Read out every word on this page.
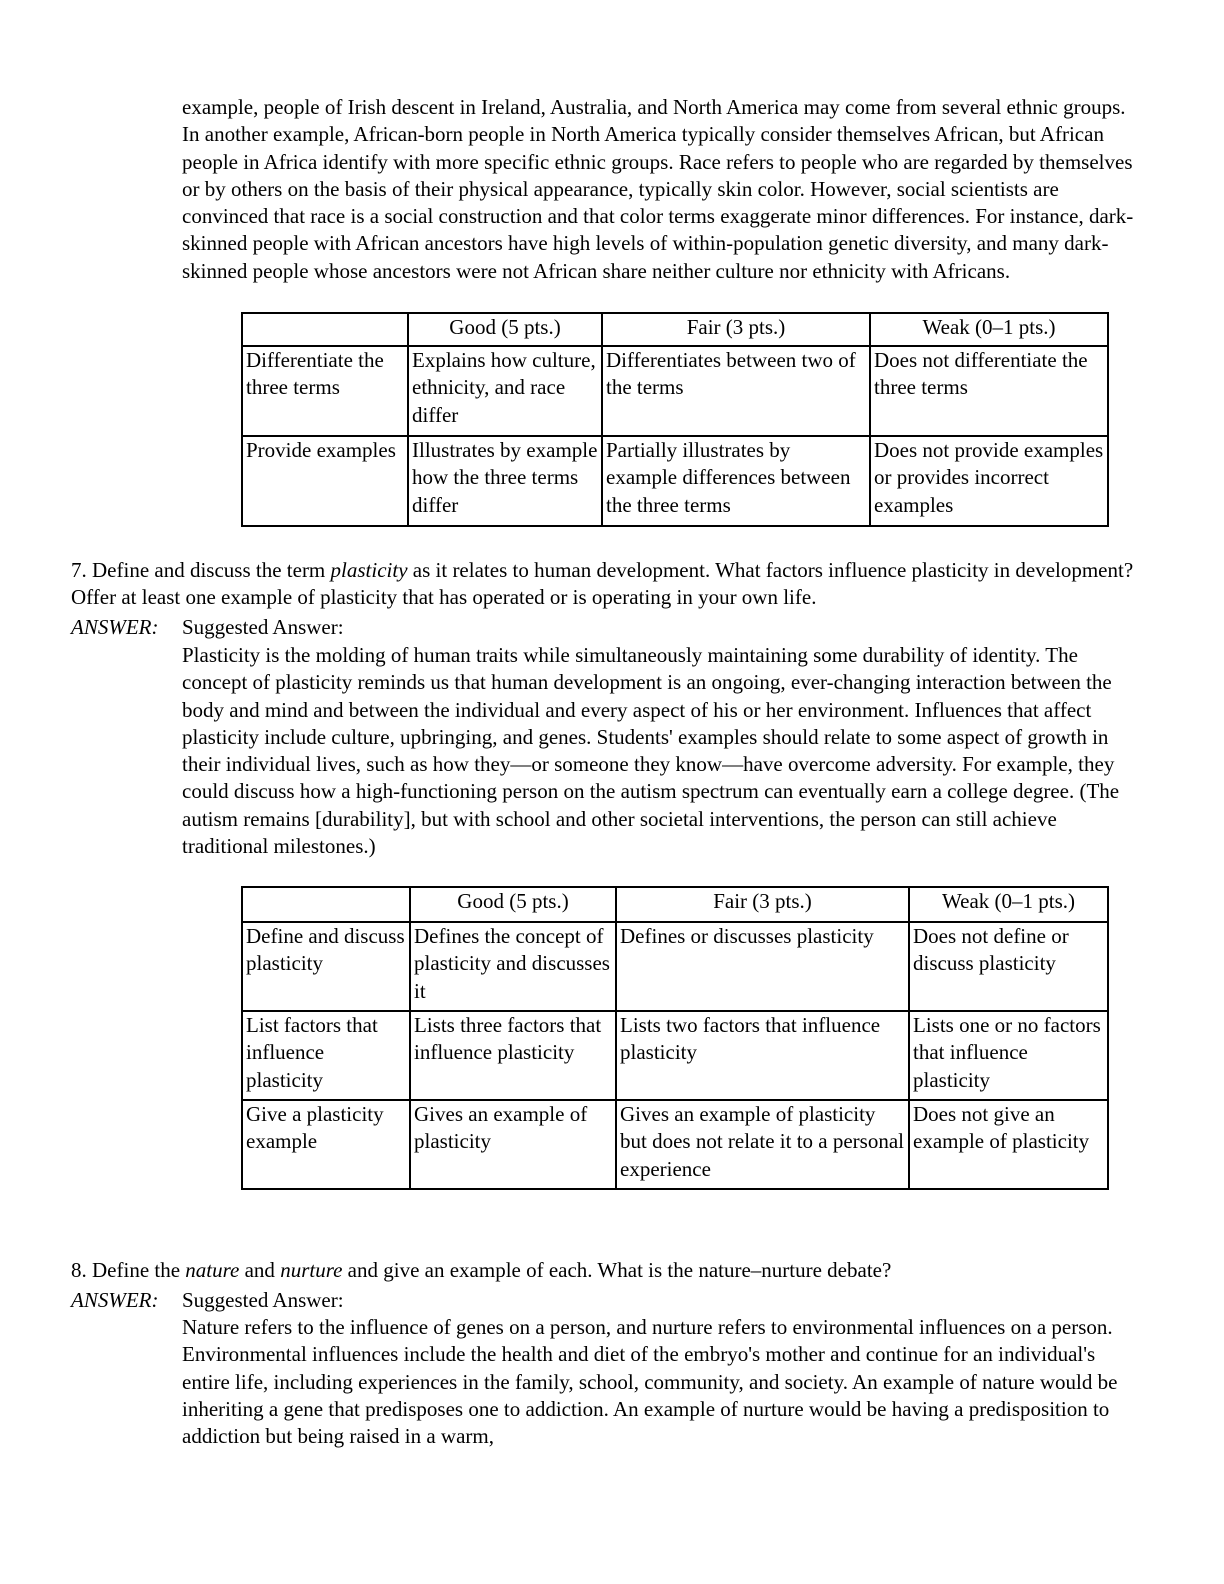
example, people of Irish descent in Ireland, Australia, and North America may come from several ethnic groups. In another example, African-born people in North America typically consider themselves African, but African people in Africa identify with more specific ethnic groups. Race refers to people who are regarded by themselves or by others on the basis of their physical appearance, typically skin color. However, social scientists are convinced that race is a social construction and that color terms exaggerate minor differences. For instance, dark-skinned people with African ancestors have high levels of within-population genetic diversity, and many dark-skinned people whose ancestors were not African share neither culture nor ethnicity with Africans.

	Good (5 pts.)	Fair (3 pts.)	Weak (0–1 pts.)
Differentiate the three terms	Explains how culture, ethnicity, and race differ	Differentiates between two of the terms	Does not differentiate the three terms
Provide examples	Illustrates by example how the three terms differ	Partially illustrates by example differences between the three terms	Does not provide examples or provides incorrect examples

7. Define and discuss the term plasticity as it relates to human development. What factors influence plasticity in development? Offer at least one example of plasticity that has operated or is operating in your own life.

ANSWER: Suggested Answer:

Plasticity is the molding of human traits while simultaneously maintaining some durability of identity. The concept of plasticity reminds us that human development is an ongoing, ever-changing interaction between the body and mind and between the individual and every aspect of his or her environment. Influences that affect plasticity include culture, upbringing, and genes. Students' examples should relate to some aspect of growth in their individual lives, such as how they—or someone they know—have overcome adversity. For example, they could discuss how a high-functioning person on the autism spectrum can eventually earn a college degree. (The autism remains [durability], but with school and other societal interventions, the person can still achieve traditional milestones.)

	Good (5 pts.)	Fair (3 pts.)	Weak (0–1 pts.)
Define and discuss plasticity	Defines the concept of plasticity and discusses it	Defines or discusses plasticity	Does not define or discuss plasticity
List factors that influence plasticity	Lists three factors that influence plasticity	Lists two factors that influence plasticity	Lists one or no factors that influence plasticity
Give a plasticity example	Gives an example of plasticity	Gives an example of plasticity but does not relate it to a personal experience	Does not give an example of plasticity

8. Define the nature and nurture and give an example of each. What is the nature–nurture debate?

ANSWER: Suggested Answer:

Nature refers to the influence of genes on a person, and nurture refers to environmental influences on a person. Environmental influences include the health and diet of the embryo's mother and continue for an individual's entire life, including experiences in the family, school, community, and society. An example of nature would be inheriting a gene that predisposes one to addiction. An example of nurture would be having a predisposition to addiction but being raised in a warm,
